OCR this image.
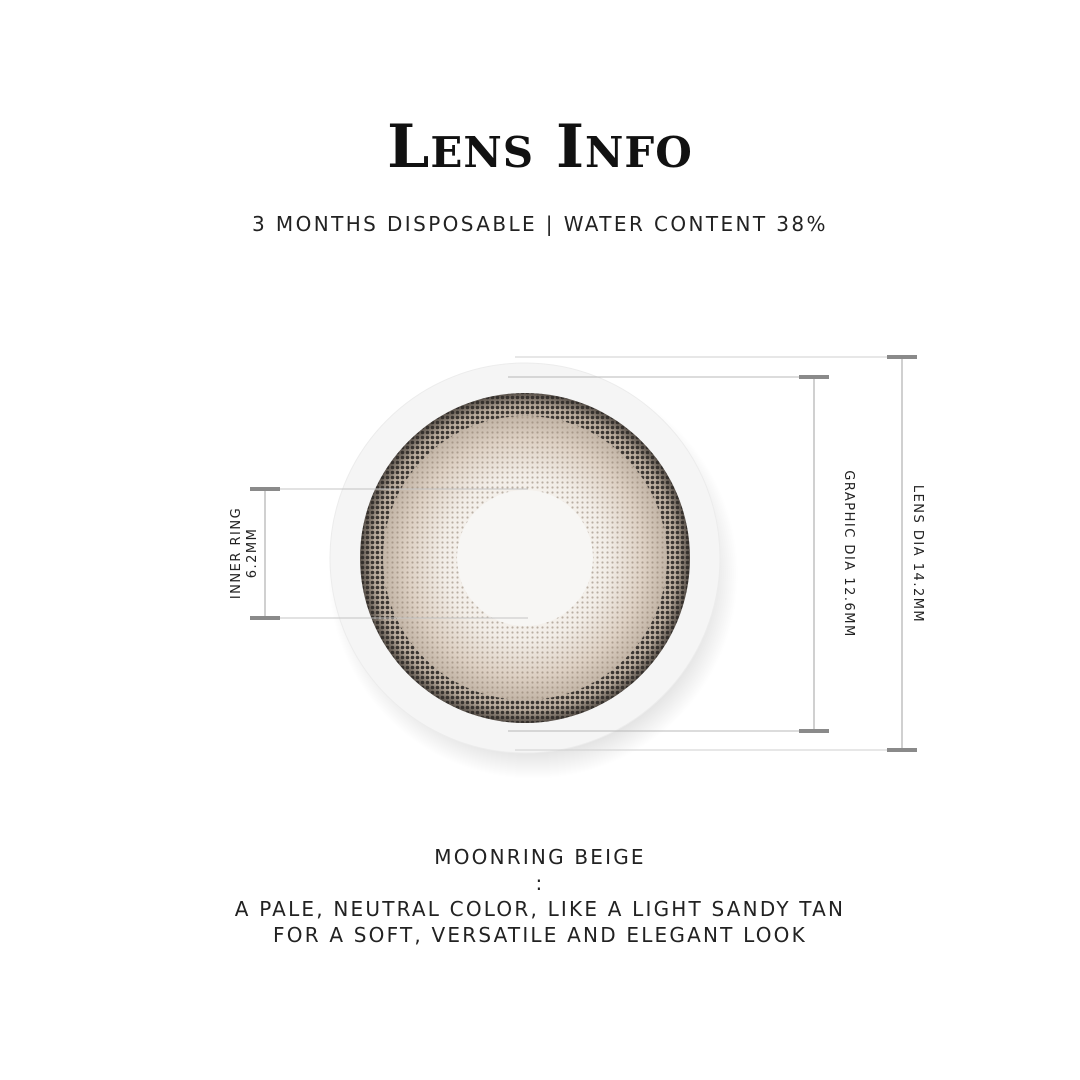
Lens Info
3 MONTHS DISPOSABLE | WATER CONTENT 38%
LENS DIA 14.2MM
GRAPHIC DIA 12.6MM
INNER RING 6.2MM
MOONRING BEIGE
:
A PALE, NEUTRAL COLOR, LIKE A LIGHT SANDY TAN
FOR A SOFT, VERSATILE AND ELEGANT LOOK
